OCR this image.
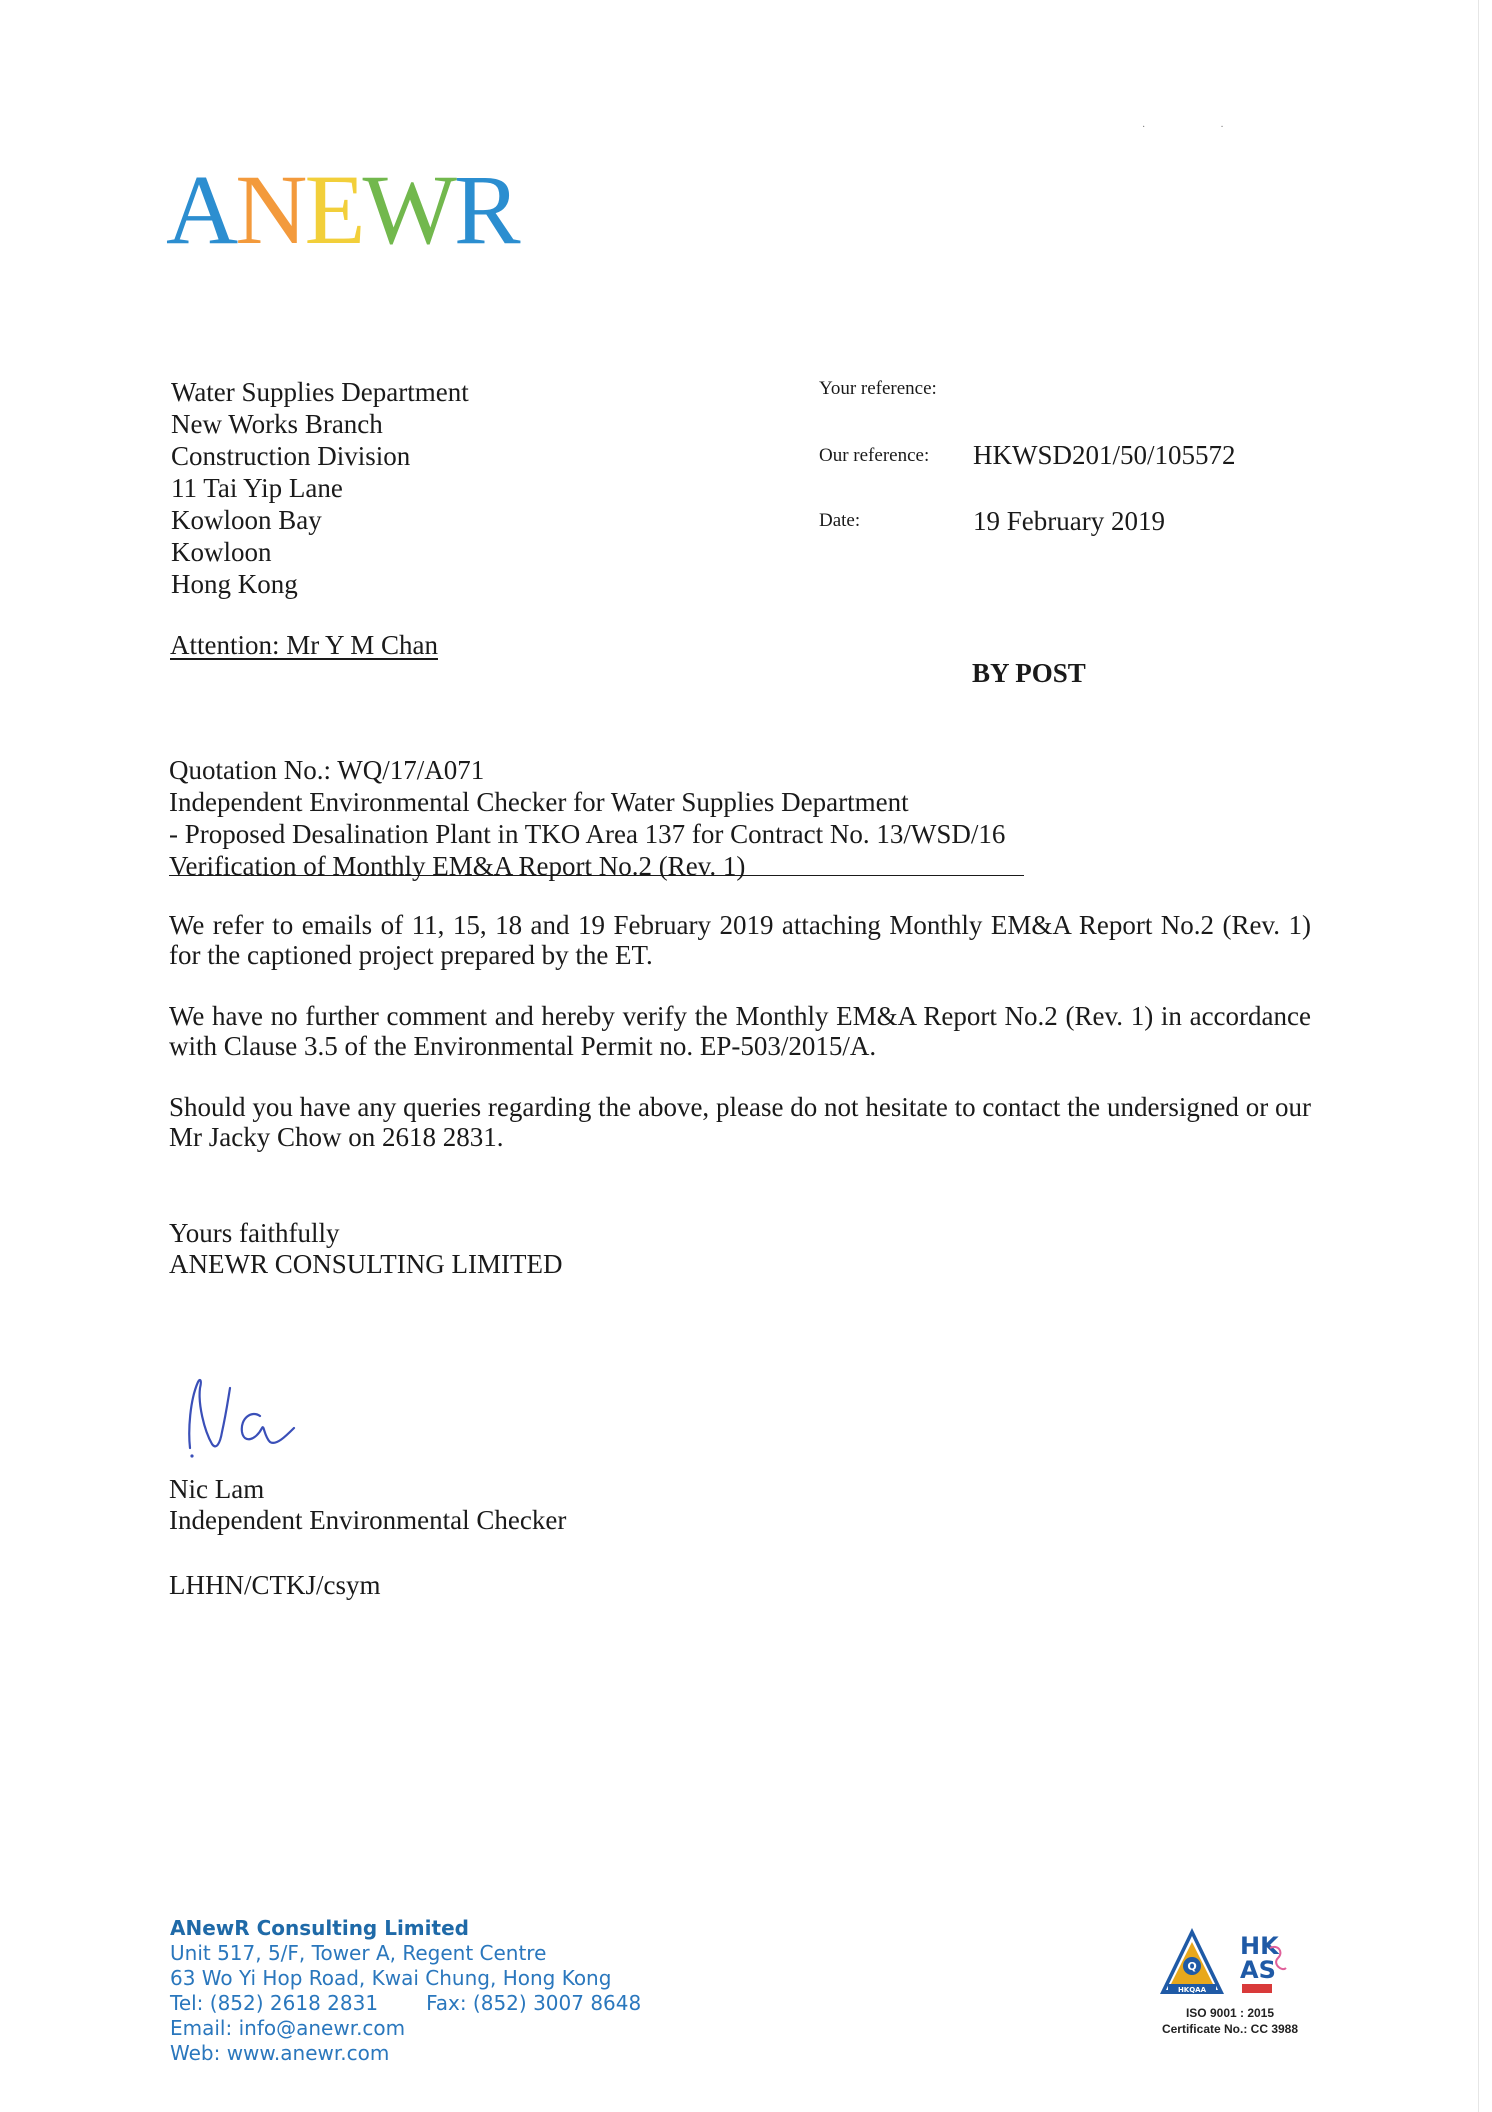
·                              ·
ANEWR
Water Supplies Department
New Works Branch
Construction Division
11 Tai Yip Lane
Kowloon Bay
Kowloon
Hong Kong
Attention: Mr Y M Chan
Your reference:
Our reference: HKWSD201/50/105572
Date:	19 February 2019
BY POST
Quotation No.: WQ/17/A071
Independent Environmental Checker for Water Supplies Department
- Proposed Desalination Plant in TKO Area 137 for Contract No. 13/WSD/16
Verification of Monthly EM&A Report No.2 (Rev. 1)
We refer to emails of 11, 15, 18 and 19 February 2019 attaching Monthly EM&A Report No.2 (Rev. 1) for the captioned project prepared by the ET.
We have no further comment and hereby verify the Monthly EM&A Report No.2 (Rev. 1) in accordance with Clause 3.5 of the Environmental Permit no. EP-503/2015/A.
Should you have any queries regarding the above, please do not hesitate to contact the undersigned or our Mr Jacky Chow on 2618 2831.
Yours faithfully
ANEWR CONSULTING LIMITED
Nic Lam
Independent Environmental Checker
LHHN/CTKJ/csym
ANewR Consulting Limited
Unit 517, 5/F, Tower A, Regent Centre
63 Wo Yi Hop Road, Kwai Chung, Hong Kong
Tel: (852) 2618 2831 Fax: (852) 3007 8648
Email: info@anewr.com
Web: www.anewr.com
Q
HKQAA
HK
AS
ISO 9001 : 2015
Certificate No.: CC 3988
